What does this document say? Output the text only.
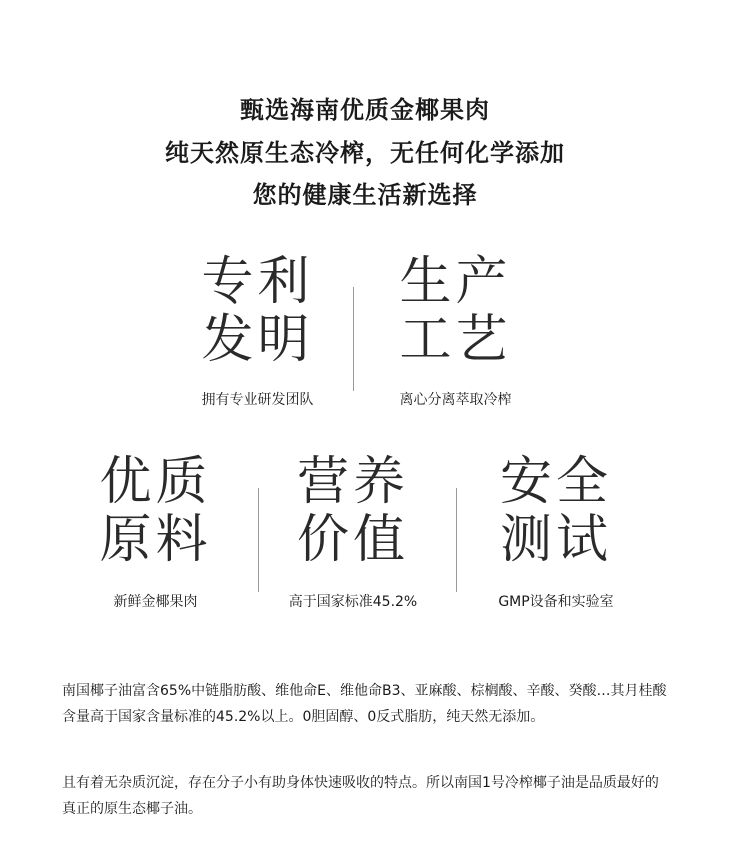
甄选海南优质金椰果肉
纯天然原生态冷榨，无任何化学添加
您的健康生活新选择
专利
发明
拥有专业研发团队
生产
工艺
离心分离萃取冷榨
优质
原料
新鲜金椰果肉
营养
价值
高于国家标准45.2%
安全
测试
GMP设备和实验室
南国椰子油富含65%中链脂肪酸、维他命E、维他命B3、亚麻酸、棕榈酸、辛酸、癸酸…其月桂酸含量高于国家含量标准的45.2%以上。0胆固醇、0反式脂肪，纯天然无添加。
且有着无杂质沉淀，存在分子小有助身体快速吸收的特点。所以南国1号冷榨椰子油是品质最好的真正的原生态椰子油。
